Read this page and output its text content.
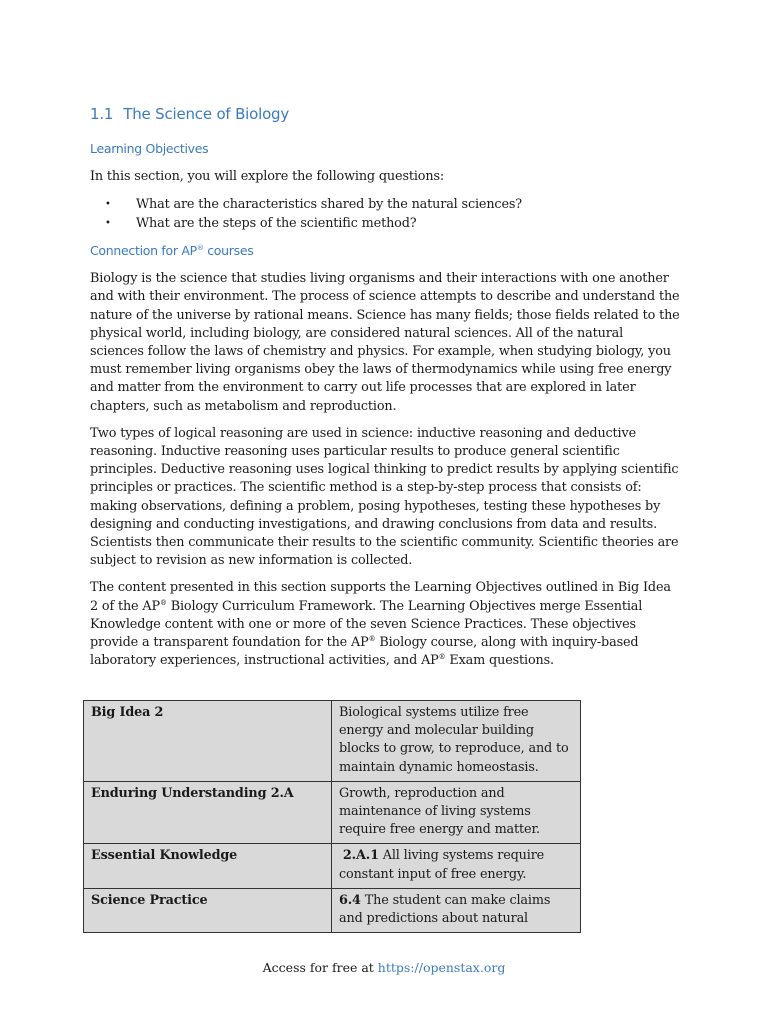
1.1 The Science of Biology
Learning Objectives

In this section, you will explore the following questions:

• What are the characteristics shared by the natural sciences?
• What are the steps of the scientific method?
Connection for AP® courses

Biology is the science that studies living organisms and their interactions with one another and with their environment. The process of science attempts to describe and understand the nature of the universe by rational means. Science has many fields; those fields related to the physical world, including biology, are considered natural sciences. All of the natural sciences follow the laws of chemistry and physics. For example, when studying biology, you must remember living organisms obey the laws of thermodynamics while using free energy and matter from the environment to carry out life processes that are explored in later chapters, such as metabolism and reproduction.

Two types of logical reasoning are used in science: inductive reasoning and deductive reasoning. Inductive reasoning uses particular results to produce general scientific principles. Deductive reasoning uses logical thinking to predict results by applying scientific principles or practices. The scientific method is a step-by-step process that consists of: making observations, defining a problem, posing hypotheses, testing these hypotheses by designing and conducting investigations, and drawing conclusions from data and results. Scientists then communicate their results to the scientific community. Scientific theories are subject to revision as new information is collected.

The content presented in this section supports the Learning Objectives outlined in Big Idea 2 of the AP® Biology Curriculum Framework. The Learning Objectives merge Essential Knowledge content with one or more of the seven Science Practices. These objectives provide a transparent foundation for the AP® Biology course, along with inquiry-based laboratory experiences, instructional activities, and AP® Exam questions.

Big Idea 2	Biological systems utilize free energy and molecular building blocks to grow, to reproduce, and to maintain dynamic homeostasis.
Enduring Understanding 2.A	Growth, reproduction and maintenance of living systems require free energy and matter.
Essential Knowledge	2.A.1 All living systems require constant input of free energy.
Science Practice	6.4 The student can make claims and predictions about natural
Access for free at https://openstax.org
